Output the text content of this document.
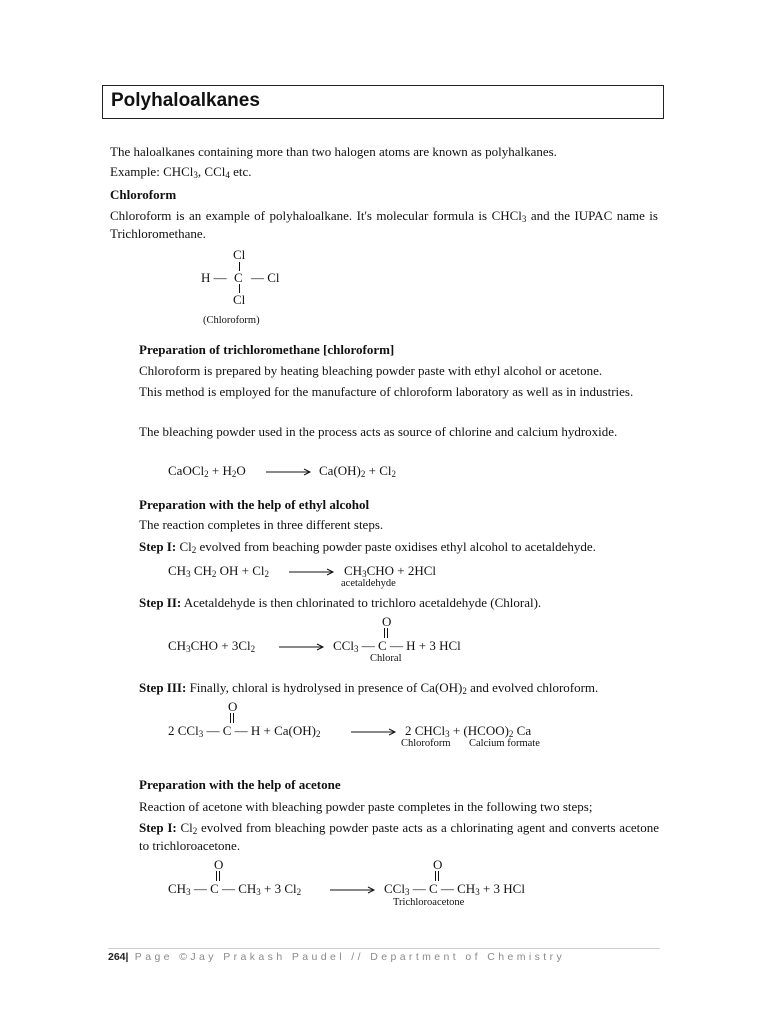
Polyhaloalkanes
The haloalkanes containing more than two halogen atoms are known as polyhalkanes.
Example: CHCl$_3$, CCl$_4$ etc.
Chloroform
Chloroform is an example of polyhaloalkane. It's molecular formula is CHCl$_3$ and the IUPAC name is Trichloromethane.
Cl
H — C — Cl
Cl
(Chloroform)
Preparation of trichloromethane [chloroform]
Chloroform is prepared by heating bleaching powder paste with ethyl alcohol or acetone.
This method is employed for the manufacture of chloroform laboratory as well as in industries.
The bleaching powder used in the process acts as source of chlorine and calcium hydroxide.
CaOCl$_2$ + $H_2O$	$Ca(OH)_2 + Cl_2$
Preparation with the help of ethyl alcohol
The reaction completes in three different steps.
Step I: $Cl_2$ evolved from beaching powder paste oxidises ethyl alcohol to acetaldehyde.
$CH_3$ $CH_2$ OH + $Cl_2$	$CH_3CHO + 2HCl$
acetaldehyde
Step II: Acetaldehyde is then chlorinated to trichloro acetaldehyde (Chloral).
O
$CH_3CHO + 3Cl_2$	CCl$_3$ — C — H + 3 HCl
Chloral
Step III: Finally, chloral is hydrolysed in presence of $Ca(OH)_2$ and evolved chloroform.
O
2 CCl$_3$ — C — $H + Ca(OH)_2$	2 CHCl$_3$ + $(HCOO)_2$ Ca
Chloroform Calcium formate
Preparation with the help of acetone
Reaction of acetone with bleaching powder paste completes in the following two steps;
Step I: $Cl_2$ evolved from bleaching powder paste acts as a chlorinating agent and converts acetone to trichloroacetone.
O
$CH_3$ — C — $CH_3 + 3$ $Cl_2$
O
CCl$_3$ — C — $CH_3 + 3$ HCl
Trichloroacetone
264| Page ©Jay Prakash Paudel // Department of Chemistry
